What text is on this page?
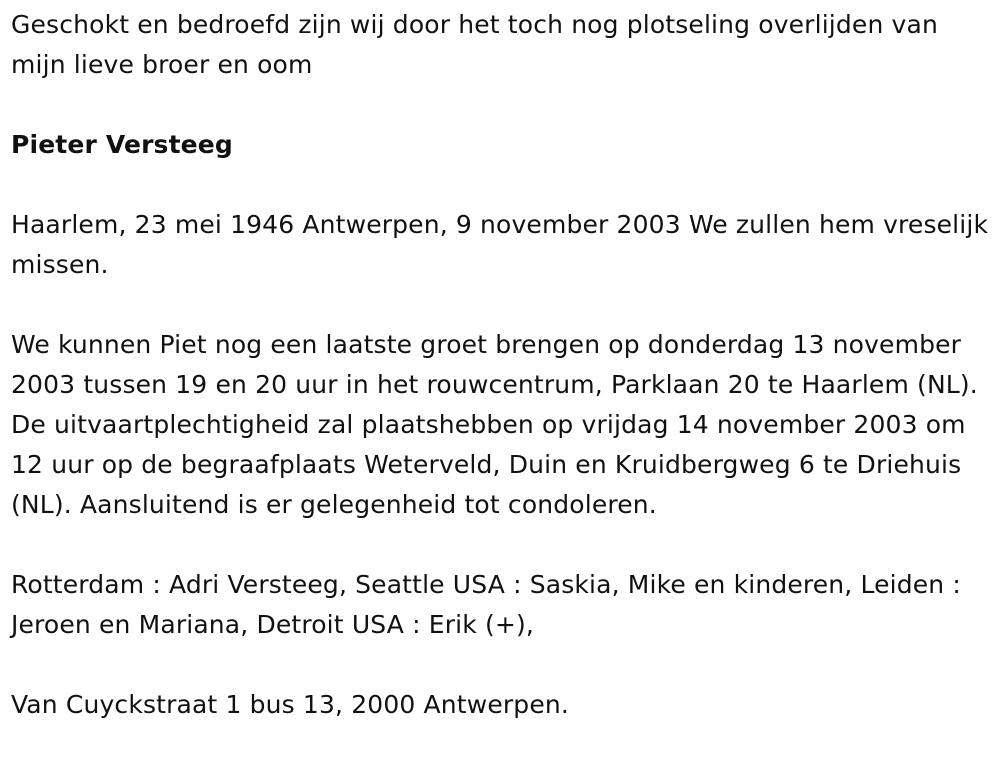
Geschokt en bedroefd zijn wij door het toch nog plotseling overlijden van mijn lieve broer en oom

Pieter Versteeg

Haarlem, 23 mei 1946 Antwerpen, 9 november 2003 We zullen hem vreselijk missen.

We kunnen Piet nog een laatste groet brengen op donderdag 13 november 2003 tussen 19 en 20 uur in het rouwcentrum, Parklaan 20 te Haarlem (NL). De uitvaartplechtigheid zal plaatshebben op vrijdag 14 november 2003 om 12 uur op de begraafplaats Weterveld, Duin en Kruidbergweg 6 te Driehuis (NL). Aansluitend is er gelegenheid tot condoleren.

Rotterdam : Adri Versteeg, Seattle USA : Saskia, Mike en kinderen, Leiden : Jeroen en Mariana, Detroit USA : Erik (+),

Van Cuyckstraat 1 bus 13, 2000 Antwerpen.
